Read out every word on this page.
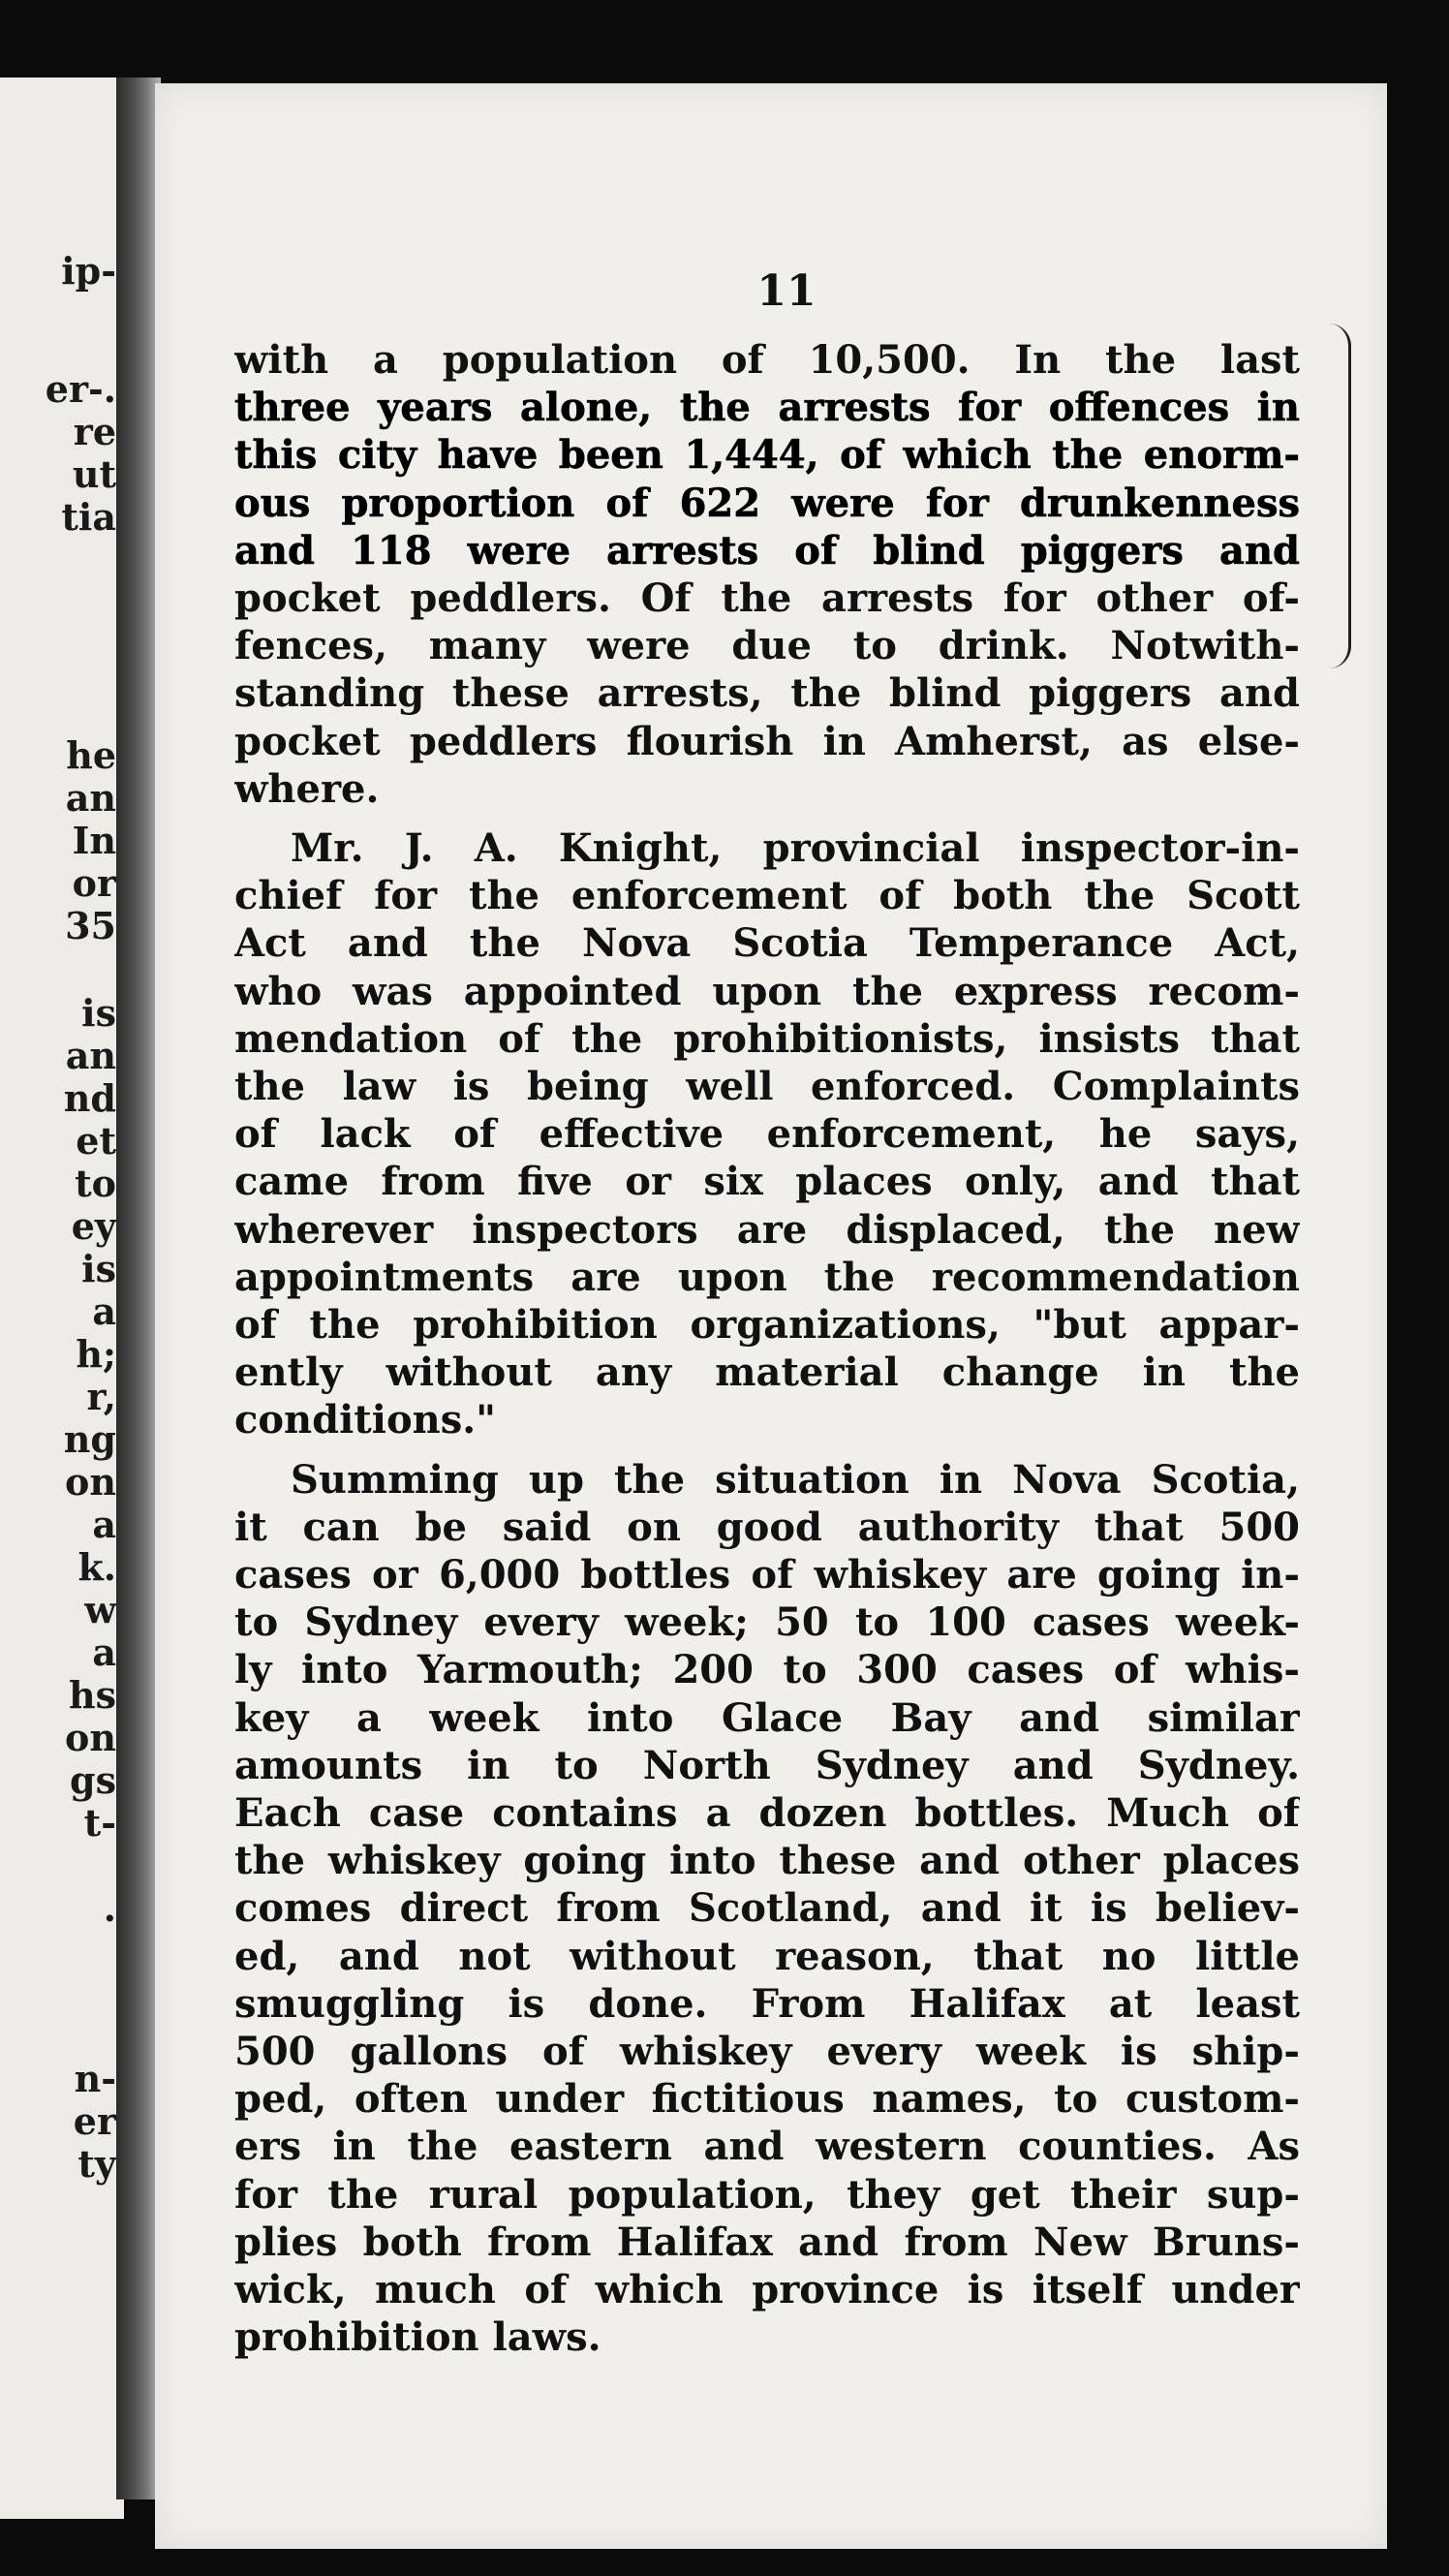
ip-

er-.

re

ut

tia

he

an

In

or

35

is

an

nd

et

to

ey

is

a

h;

r,

ng

on

a

k.

w

a

hs

on

gs

t-

.

n-

er

ty

11

with a population of 10,500. In the last

three years alone, the arrests for offences in

this city have been 1,444, of which the enorm-

ous proportion of 622 were for drunkenness

and 118 were arrests of blind piggers and

pocket peddlers. Of the arrests for other of-

fences, many were due to drink. Notwith-

standing these arrests, the blind piggers and

pocket peddlers flourish in Amherst, as else-

where.

Mr. J. A. Knight, provincial inspector-in-

chief for the enforcement of both the Scott

Act and the Nova Scotia Temperance Act,

who was appointed upon the express recom-

mendation of the prohibitionists, insists that

the law is being well enforced. Complaints

of lack of effective enforcement, he says,

came from five or six places only, and that

wherever inspectors are displaced, the new

appointments are upon the recommendation

of the prohibition organizations, "but appar-

ently without any material change in the

conditions."

Summing up the situation in Nova Scotia,

it can be said on good authority that 500

cases or 6,000 bottles of whiskey are going in-

to Sydney every week; 50 to 100 cases week-

ly into Yarmouth; 200 to 300 cases of whis-

key a week into Glace Bay and similar

amounts in to North Sydney and Sydney.

Each case contains a dozen bottles. Much of

the whiskey going into these and other places

comes direct from Scotland, and it is believ-

ed, and not without reason, that no little

smuggling is done. From Halifax at least

500 gallons of whiskey every week is ship-

ped, often under fictitious names, to custom-

ers in the eastern and western counties. As

for the rural population, they get their sup-

plies both from Halifax and from New Bruns-

wick, much of which province is itself under

prohibition laws.
